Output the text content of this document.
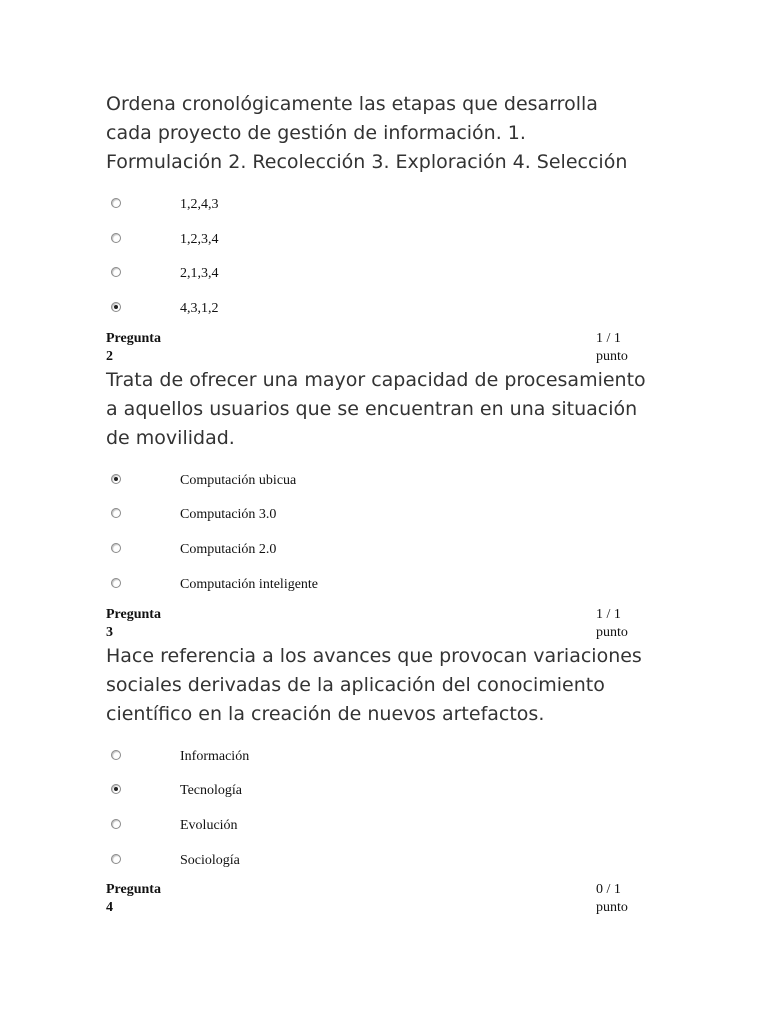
Ordena cronológicamente las etapas que desarrolla cada proyecto de gestión de información. 1. Formulación 2. Recolección 3. Exploración 4. Selección

1,2,4,3
1,2,3,4
2,1,3,4
4,3,1,2
Pregunta
2
1 / 1
punto

Trata de ofrecer una mayor capacidad de procesamiento a aquellos usuarios que se encuentran en una situación de movilidad.

Computación ubicua
Computación 3.0
Computación 2.0
Computación inteligente
Pregunta
3
1 / 1
punto

Hace referencia a los avances que provocan variaciones sociales derivadas de la aplicación del conocimiento científico en la creación de nuevos artefactos.

Información
Tecnología
Evolución
Sociología
Pregunta
4
0 / 1
punto
